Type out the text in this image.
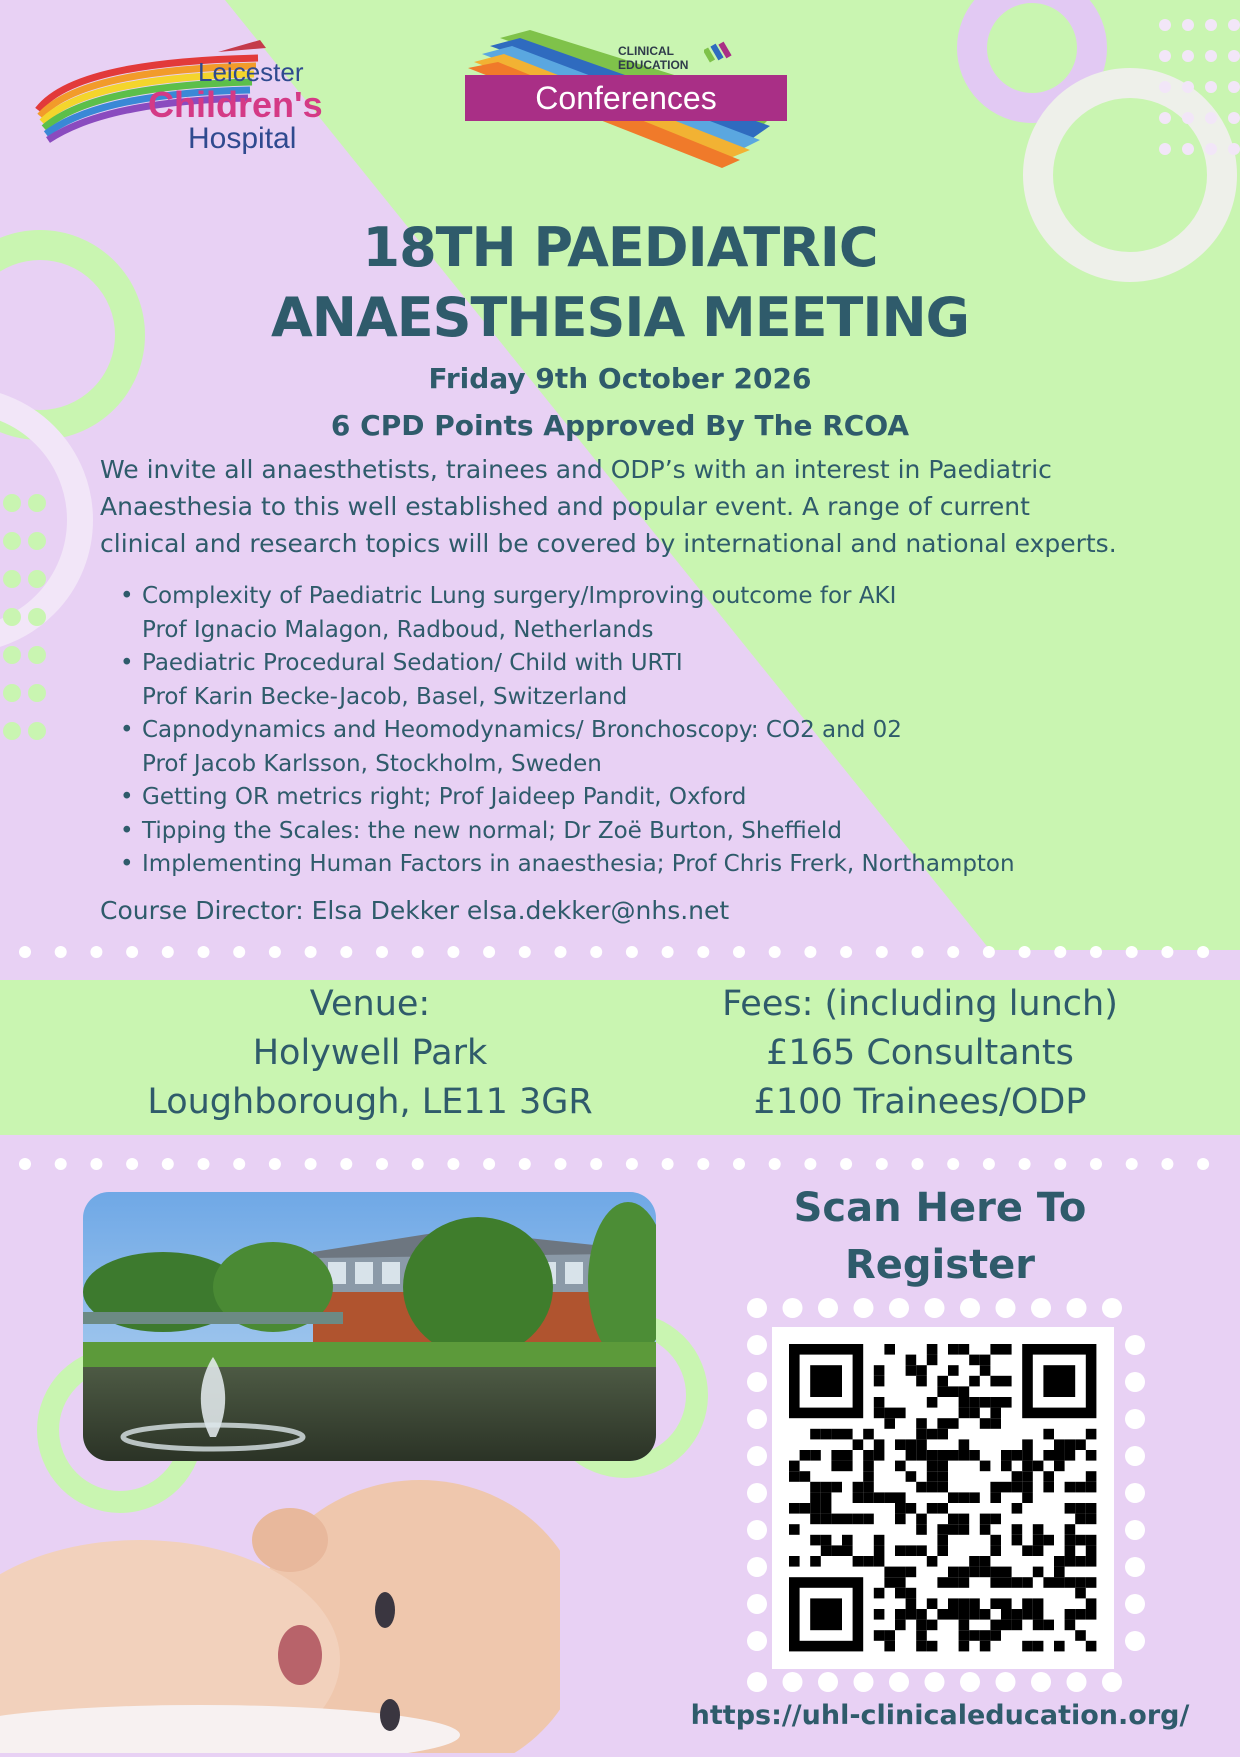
Leicester
Children's
Hospital
CLINICAL
EDUCATION
Conferences
18TH PAEDIATRIC
ANAESTHESIA MEETING
Friday 9th October 2026
6 CPD Points Approved By The RCOA
We invite all anaesthetists, trainees and ODP’s with an interest in Paediatric
Anaesthesia to this well established and popular event. A range of current
clinical and research topics will be covered by international and national experts.
• Complexity of Paediatric Lung surgery/Improving outcome for AKI
Prof Ignacio Malagon, Radboud, Netherlands
• Paediatric Procedural Sedation/ Child with URTI
Prof Karin Becke-Jacob, Basel, Switzerland
• Capnodynamics and Heomodynamics/ Bronchoscopy: CO2 and 02
Prof Jacob Karlsson, Stockholm, Sweden
• Getting OR metrics right; Prof Jaideep Pandit, Oxford
• Tipping the Scales: the new normal; Dr Zoë Burton, Sheffield
• Implementing Human Factors in anaesthesia; Prof Chris Frerk, Northampton
Course Director: Elsa Dekker elsa.dekker@nhs.net
Venue:
Holywell Park
Loughborough, LE11 3GR
Fees: (including lunch)
£165 Consultants
£100 Trainees/ODP
Scan Here To
Register
https://uhl-clinicaleducation.org/
